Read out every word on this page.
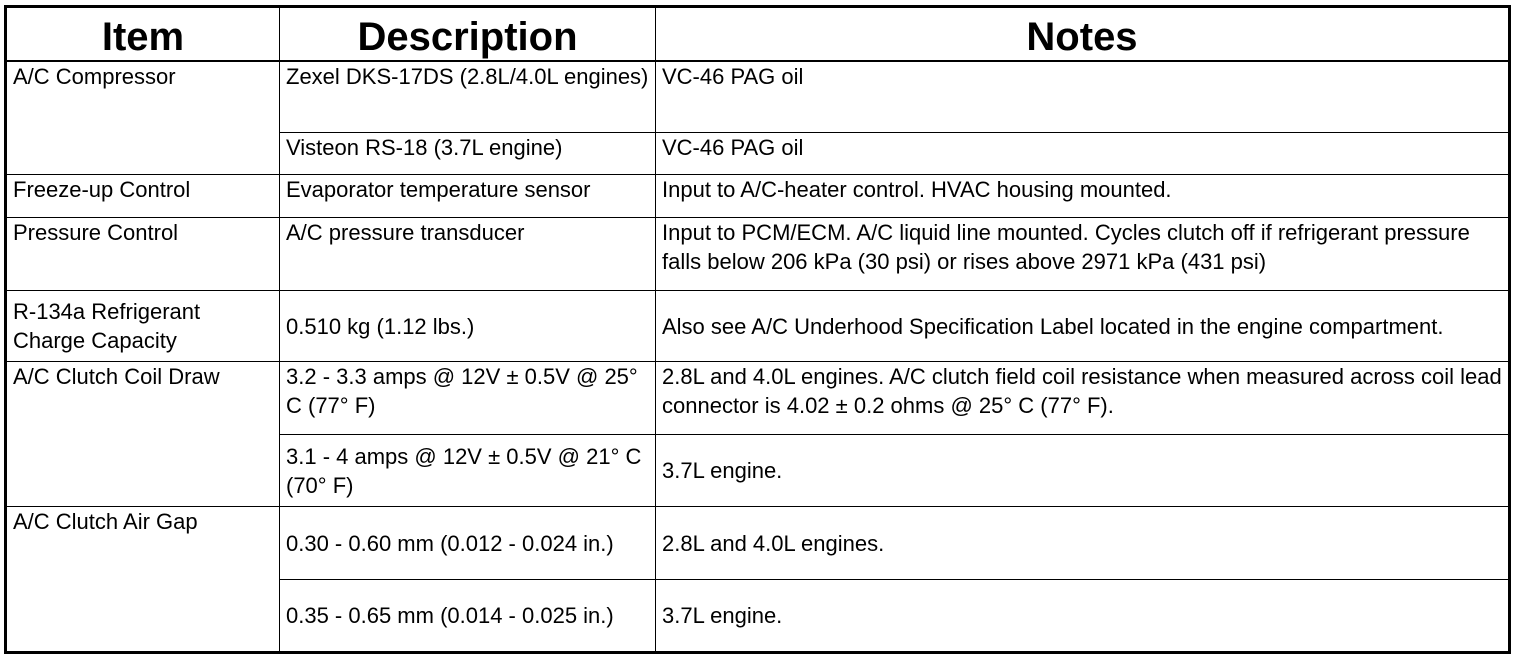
Item	Description	Notes
A/C Compressor	Zexel DKS-17DS (2.8L/4.0L engines)	VC-46 PAG oil
	Visteon RS-18 (3.7L engine)	VC-46 PAG oil
Freeze-up Control	Evaporator temperature sensor	Input to A/C-heater control. HVAC housing mounted.
Pressure Control	A/C pressure transducer	Input to PCM/ECM. A/C liquid line mounted. Cycles clutch off if refrigerant pressure falls below 206 kPa (30 psi) or rises above 2971 kPa (431 psi)
R-134a Refrigerant Charge Capacity	0.510 kg (1.12 lbs.)	Also see A/C Underhood Specification Label located in the engine compartment.
A/C Clutch Coil Draw	3.2 - 3.3 amps @ 12V ± 0.5V @ 25° C (77° F)	2.8L and 4.0L engines. A/C clutch field coil resistance when measured across coil lead connector is 4.02 ± 0.2 ohms @ 25° C (77° F).
	3.1 - 4 amps @ 12V ± 0.5V @ 21° C (70° F)	3.7L engine.
A/C Clutch Air Gap	0.30 - 0.60 mm (0.012 - 0.024 in.)	2.8L and 4.0L engines.
	0.35 - 0.65 mm (0.014 - 0.025 in.)	3.7L engine.
